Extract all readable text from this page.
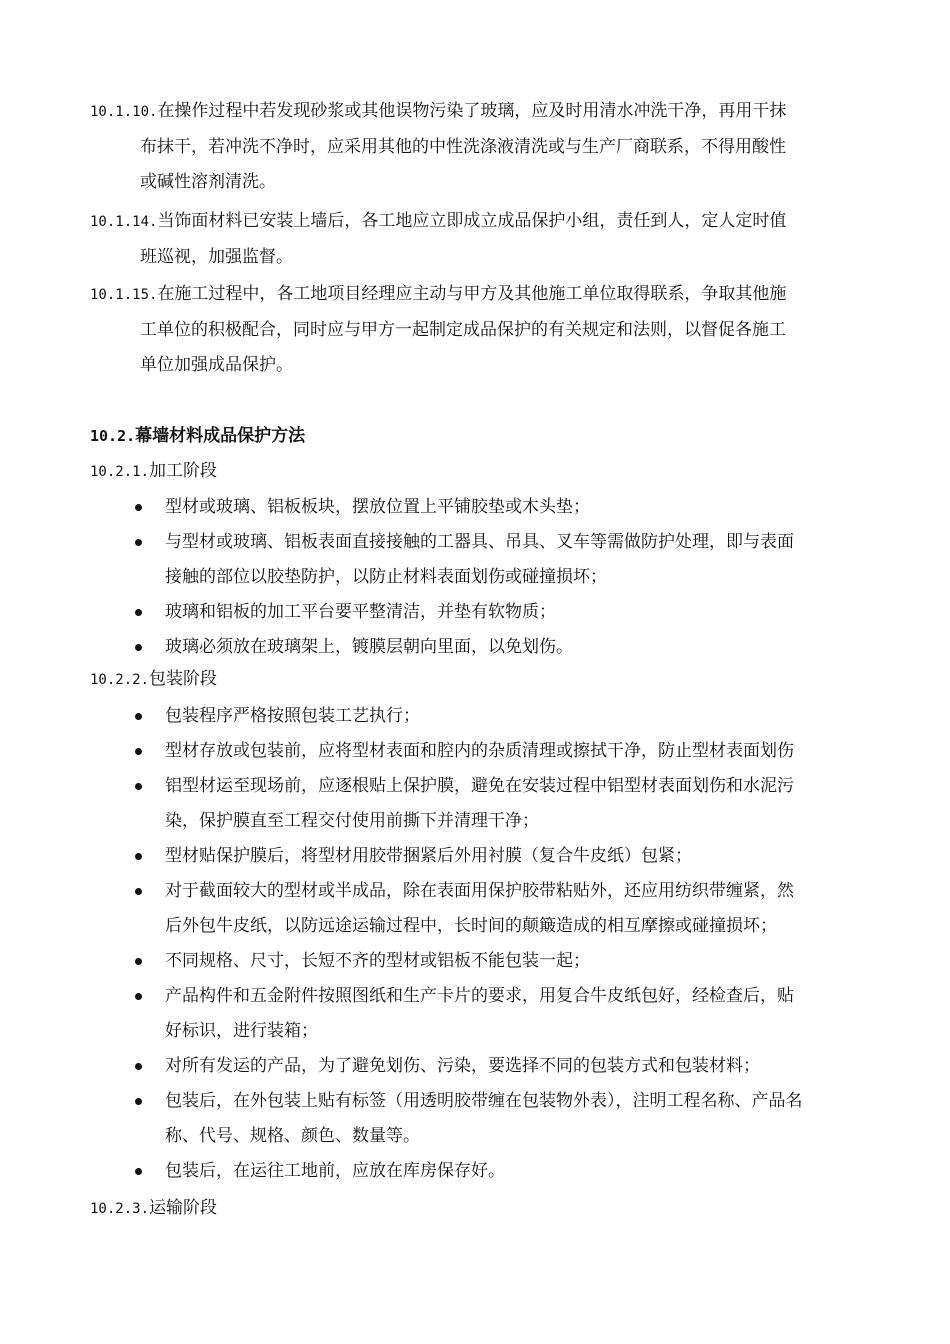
10.1.10.在操作过程中若发现砂浆或其他误物污染了玻璃，应及时用清水冲洗干净，再用干抹
布抹干，若冲洗不净时，应采用其他的中性洗涤液清洗或与生产厂商联系，不得用酸性
或碱性溶剂清洗。
10.1.14.当饰面材料已安装上墙后，各工地应立即成立成品保护小组，责任到人，定人定时值
班巡视，加强监督。
10.1.15.在施工过程中，各工地项目经理应主动与甲方及其他施工单位取得联系，争取其他施
工单位的积极配合，同时应与甲方一起制定成品保护的有关规定和法则，以督促各施工
单位加强成品保护。
10.2.幕墙材料成品保护方法
10.2.1.加工阶段
型材或玻璃、铝板板块，摆放位置上平铺胶垫或木头垫；
与型材或玻璃、铝板表面直接接触的工器具、吊具、叉车等需做防护处理，即与表面
接触的部位以胶垫防护，以防止材料表面划伤或碰撞损坏；
玻璃和铝板的加工平台要平整清洁，并垫有软物质；
玻璃必须放在玻璃架上，镀膜层朝向里面，以免划伤。
10.2.2.包装阶段
包装程序严格按照包装工艺执行；
型材存放或包装前，应将型材表面和腔内的杂质清理或擦拭干净，防止型材表面划伤
铝型材运至现场前，应逐根贴上保护膜，避免在安装过程中铝型材表面划伤和水泥污
染，保护膜直至工程交付使用前撕下并清理干净；
型材贴保护膜后，将型材用胶带捆紧后外用衬膜（复合牛皮纸）包紧；
对于截面较大的型材或半成品，除在表面用保护胶带粘贴外，还应用纺织带缠紧，然
后外包牛皮纸，以防远途运输过程中，长时间的颠簸造成的相互摩擦或碰撞损坏；
不同规格、尺寸，长短不齐的型材或铝板不能包装一起；
产品构件和五金附件按照图纸和生产卡片的要求，用复合牛皮纸包好，经检查后，贴
好标识，进行装箱；
对所有发运的产品，为了避免划伤、污染，要选择不同的包装方式和包装材料；
包装后，在外包装上贴有标签（用透明胶带缠在包装物外表），注明工程名称、产品名
称、代号、规格、颜色、数量等。
包装后，在运往工地前，应放在库房保存好。
10.2.3.运输阶段
